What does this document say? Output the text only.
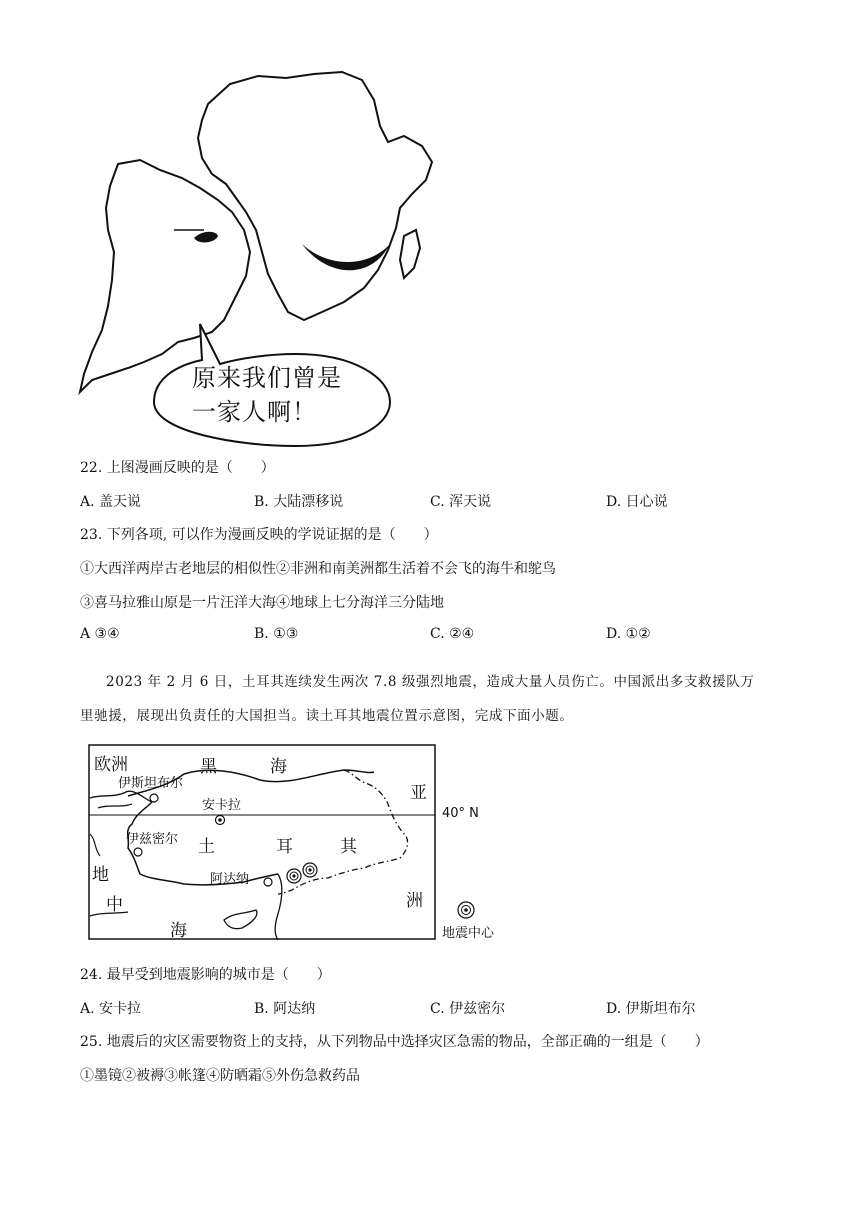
原来我们曾是
一家人啊！
22. 上图漫画反映的是（　　）
A. 盖天说	B. 大陆漂移说	C. 浑天说	D. 日心说
23. 下列各项, 可以作为漫画反映的学说证据的是（　　）
①大西洋两岸古老地层的相似性②非洲和南美洲都生活着不会飞的海牛和鸵鸟
③喜马拉雅山原是一片汪洋大海④地球上七分海洋三分陆地
A ③④	B. ①③	C. ②④	D. ①②
2023 年 2 月 6 日，土耳其连续发生两次 7.8 级强烈地震，造成大量人员伤亡。中国派出多支救援队万
里驰援，展现出负责任的大国担当。读土耳其地震位置示意图，完成下面小题。
欧洲	黑	海
亚
洲
伊斯坦布尔
安卡拉
伊兹密尔 土	耳	其
地
中
海
阿达纳
40° N
地震中心
24. 最早受到地震影响的城市是（　　）
A. 安卡拉	B. 阿达纳	C. 伊兹密尔	D. 伊斯坦布尔
25. 地震后的灾区需要物资上的支持，从下列物品中选择灾区急需的物品，全部正确的一组是（　　）
①墨镜②被褥③帐篷④防晒霜⑤外伤急救药品
